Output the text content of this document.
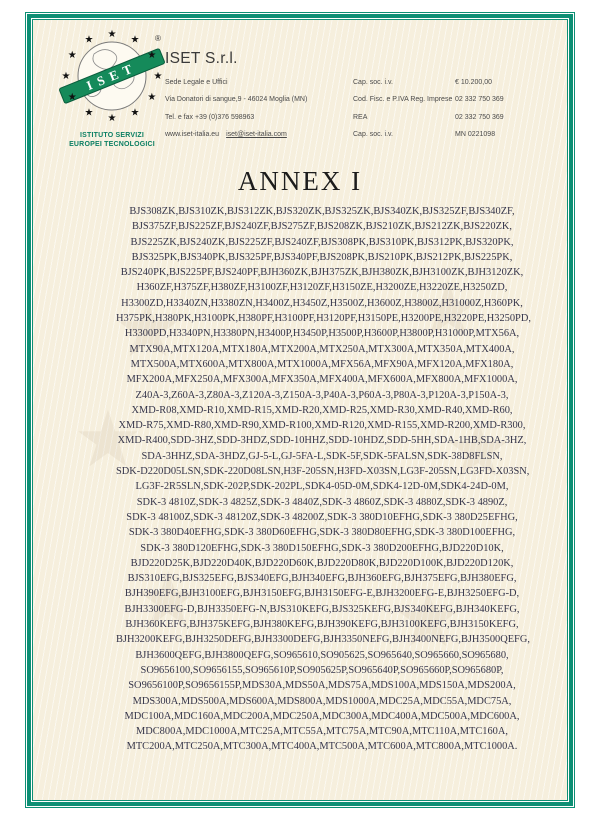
★
★
★
★
★ ★
ISET
★
★
★
★
★
★
★
★
★
★
★
★	®
ISTITUTO SERVIZI
EUROPEI TECNOLOGICI
ISET S.r.l.
Sede Legale e Uffici	Cap. soc. i.v.	€ 10.200,00
Via Donatori di sangue,9 - 46024 Moglia (MN)	Cod. Fisc. e P.IVA Reg. Imprese 02 332 750 369
Tel. e fax +39 (0)376 598963	REA	02 332 750 369
www.iset-italia.eu iset@iset-italia.com	Cap. soc. i.v.	MN 0221098
ANNEX I
BJS308ZK,BJS310ZK,BJS312ZK,BJS320ZK,BJS325ZK,BJS340ZK,BJS325ZF,BJS340ZF,
BJS375ZF,BJS225ZF,BJS240ZF,BJS275ZF,BJS208ZK,BJS210ZK,BJS212ZK,BJS220ZK,
BJS225ZK,BJS240ZK,BJS225ZF,BJS240ZF,BJS308PK,BJS310PK,BJS312PK,BJS320PK,
BJS325PK,BJS340PK,BJS325PF,BJS340PF,BJS208PK,BJS210PK,BJS212PK,BJS225PK,
BJS240PK,BJS225PF,BJS240PF,BJH360ZK,BJH375ZK,BJH380ZK,BJH3100ZK,BJH3120ZK,
H360ZF,H375ZF,H380ZF,H3100ZF,H3120ZF,H3150ZE,H3200ZE,H3220ZE,H3250ZD,
H3300ZD,H3340ZN,H3380ZN,H3400Z,H3450Z,H3500Z,H3600Z,H3800Z,H31000Z,H360PK,
H375PK,H380PK,H3100PK,H380PF,H3100PF,H3120PF,H3150PE,H3200PE,H3220PE,H3250PD,
H3300PD,H3340PN,H3380PN,H3400P,H3450P,H3500P,H3600P,H3800P,H31000P,MTX56A,
MTX90A,MTX120A,MTX180A,MTX200A,MTX250A,MTX300A,MTX350A,MTX400A,
MTX500A,MTX600A,MTX800A,MTX1000A,MFX56A,MFX90A,MFX120A,MFX180A,
MFX200A,MFX250A,MFX300A,MFX350A,MFX400A,MFX600A,MFX800A,MFX1000A,
Z40A-3,Z60A-3,Z80A-3,Z120A-3,Z150A-3,P40A-3,P60A-3,P80A-3,P120A-3,P150A-3,
XMD-R08,XMD-R10,XMD-R15,XMD-R20,XMD-R25,XMD-R30,XMD-R40,XMD-R60,
XMD-R75,XMD-R80,XMD-R90,XMD-R100,XMD-R120,XMD-R155,XMD-R200,XMD-R300,
XMD-R400,SDD-3HZ,SDD-3HDZ,SDD-10HHZ,SDD-10HDZ,SDD-5HH,SDA-1HB,SDA-3HZ,
SDA-3HHZ,SDA-3HDZ,GJ-5-L,GJ-5FA-L,SDK-5F,SDK-5FALSN,SDK-38D8FLSN,
SDK-D220D05LSN,SDK-220D08LSN,H3F-205SN,H3FD-X03SN,LG3F-205SN,LG3FD-X03SN,
LG3F-2R5SLN,SDK-202P,SDK-202PL,SDK4-05D-0M,SDK4-12D-0M,SDK4-24D-0M,
SDK-3 4810Z,SDK-3 4825Z,SDK-3 4840Z,SDK-3 4860Z,SDK-3 4880Z,SDK-3 4890Z,
SDK-3 48100Z,SDK-3 48120Z,SDK-3 48200Z,SDK-3 380D10EFHG,SDK-3 380D25EFHG,
SDK-3 380D40EFHG,SDK-3 380D60EFHG,SDK-3 380D80EFHG,SDK-3 380D100EFHG,
SDK-3 380D120EFHG,SDK-3 380D150EFHG,SDK-3 380D200EFHG,BJD220D10K,
BJD220D25K,BJD220D40K,BJD220D60K,BJD220D80K,BJD220D100K,BJD220D120K,
BJS310EFG,BJS325EFG,BJS340EFG,BJH340EFG,BJH360EFG,BJH375EFG,BJH380EFG,
BJH390EFG,BJH3100EFG,BJH3150EFG,BJH3150EFG-E,BJH3200EFG-E,BJH3250EFG-D,
BJH3300EFG-D,BJH3350EFG-N,BJS310KEFG,BJS325KEFG,BJS340KEFG,BJH340KEFG,
BJH360KEFG,BJH375KEFG,BJH380KEFG,BJH390KEFG,BJH3100KEFG,BJH3150KEFG,
BJH3200KEFG,BJH3250DEFG,BJH3300DEFG,BJH3350NEFG,BJH3400NEFG,BJH3500QEFG,
BJH3600QEFG,BJH3800QEFG,SO965610,SO905625,SO965640,SO965660,SO965680,
SO9656100,SO9656155,SO965610P,SO905625P,SO965640P,SO965660P,SO965680P,
SO9656100P,SO9656155P,MDS30A,MDS50A,MDS75A,MDS100A,MDS150A,MDS200A,
MDS300A,MDS500A,MDS600A,MDS800A,MDS1000A,MDC25A,MDC55A,MDC75A,
MDC100A,MDC160A,MDC200A,MDC250A,MDC300A,MDC400A,MDC500A,MDC600A,
MDC800A,MDC1000A,MTC25A,MTC55A,MTC75A,MTC90A,MTC110A,MTC160A,
MTC200A,MTC250A,MTC300A,MTC400A,MTC500A,MTC600A,MTC800A,MTC1000A.
